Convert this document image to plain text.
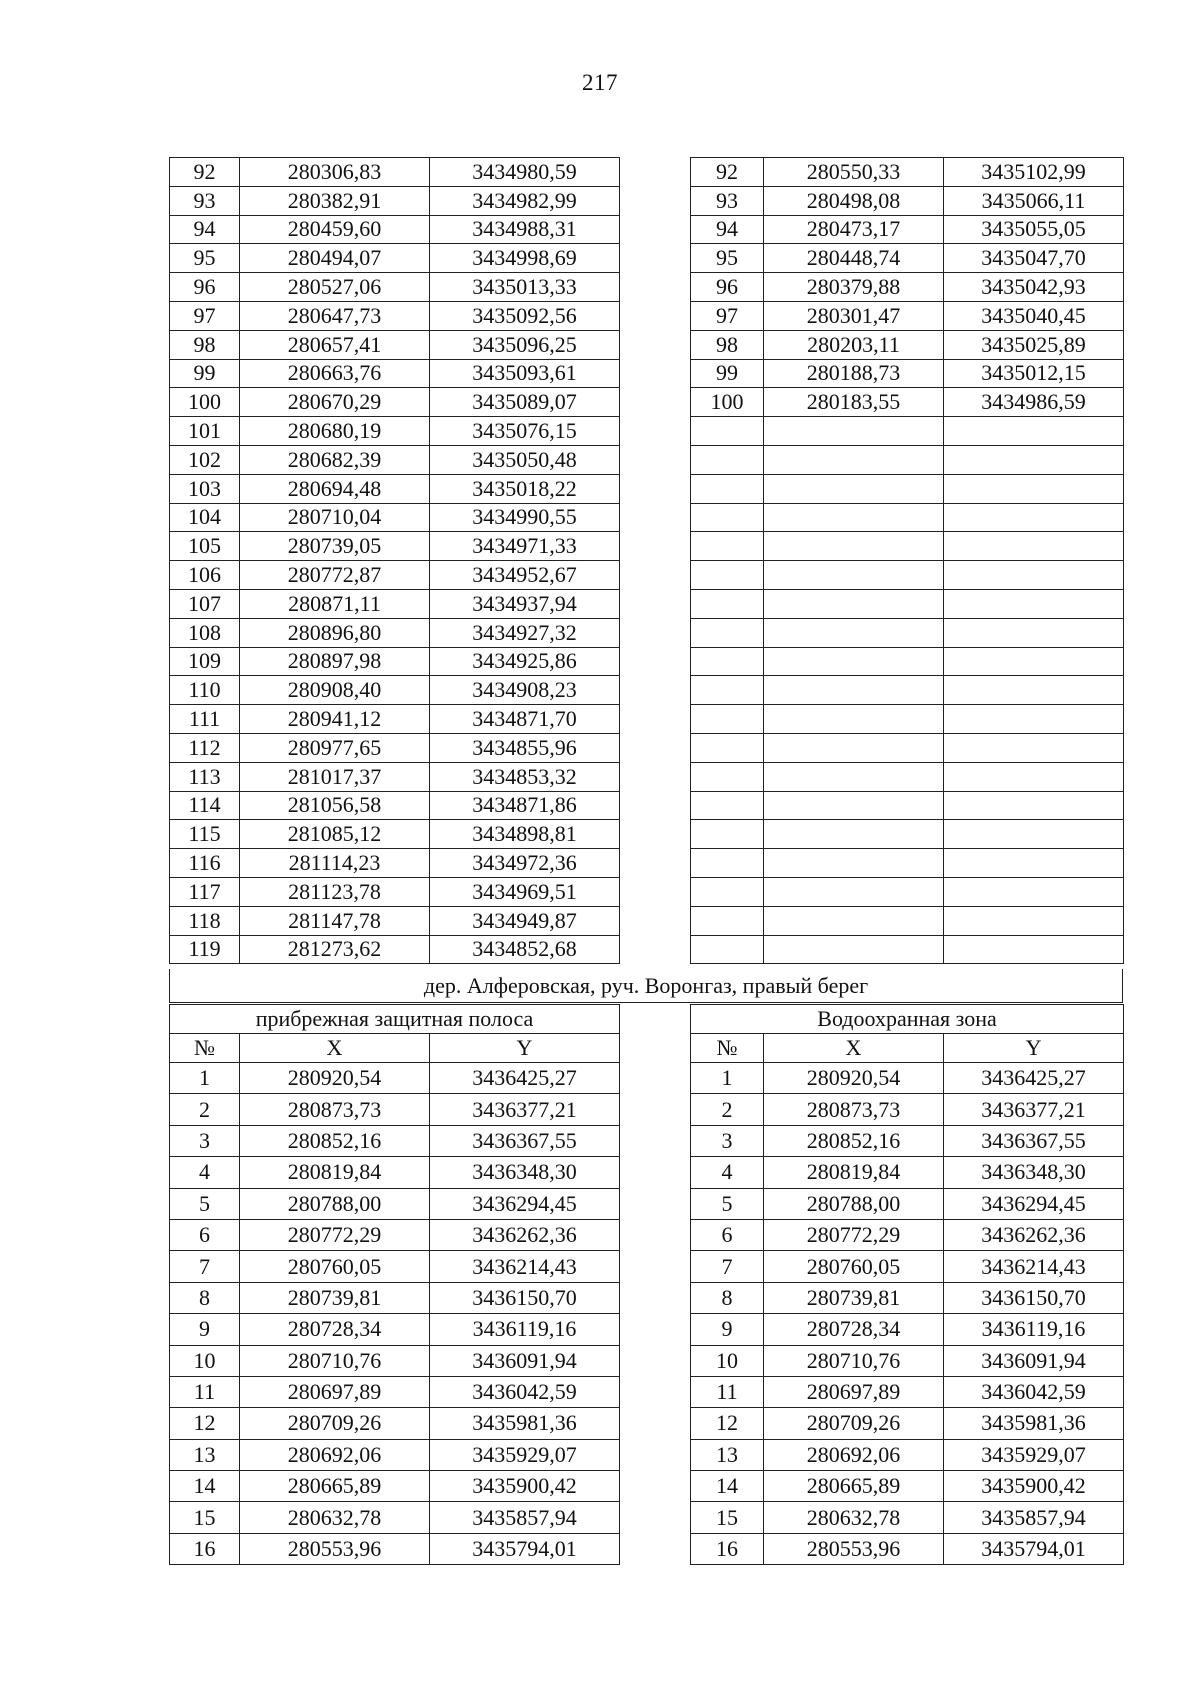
217
92	280306,83	3434980,59
93	280382,91	3434982,99
94	280459,60	3434988,31
95	280494,07	3434998,69
96	280527,06	3435013,33
97	280647,73	3435092,56
98	280657,41	3435096,25
99	280663,76	3435093,61
100	280670,29	3435089,07
101	280680,19	3435076,15
102	280682,39	3435050,48
103	280694,48	3435018,22
104	280710,04	3434990,55
105	280739,05	3434971,33
106	280772,87	3434952,67
107	280871,11	3434937,94
108	280896,80	3434927,32
109	280897,98	3434925,86
110	280908,40	3434908,23
111	280941,12	3434871,70
112	280977,65	3434855,96
113	281017,37	3434853,32
114	281056,58	3434871,86
115	281085,12	3434898,81
116	281114,23	3434972,36
117	281123,78	3434969,51
118	281147,78	3434949,87
119	281273,62	3434852,68
92	280550,33	3435102,99
93	280498,08	3435066,11
94	280473,17	3435055,05
95	280448,74	3435047,70
96	280379,88	3435042,93
97	280301,47	3435040,45
98	280203,11	3435025,89
99	280188,73	3435012,15
100	280183,55	3434986,59

дер. Алферовская, руч. Воронгаз, правый берег
прибрежная защитная полоса		
№	X	Y
1	280920,54	3436425,27
2	280873,73	3436377,21
3	280852,16	3436367,55
4	280819,84	3436348,30
5	280788,00	3436294,45
6	280772,29	3436262,36
7	280760,05	3436214,43
8	280739,81	3436150,70
9	280728,34	3436119,16
10	280710,76	3436091,94
11	280697,89	3436042,59
12	280709,26	3435981,36
13	280692,06	3435929,07
14	280665,89	3435900,42
15	280632,78	3435857,94
16	280553,96	3435794,01
Водоохранная зона		
№	X	Y
1	280920,54	3436425,27
2	280873,73	3436377,21
3	280852,16	3436367,55
4	280819,84	3436348,30
5	280788,00	3436294,45
6	280772,29	3436262,36
7	280760,05	3436214,43
8	280739,81	3436150,70
9	280728,34	3436119,16
10	280710,76	3436091,94
11	280697,89	3436042,59
12	280709,26	3435981,36
13	280692,06	3435929,07
14	280665,89	3435900,42
15	280632,78	3435857,94
16	280553,96	3435794,01
